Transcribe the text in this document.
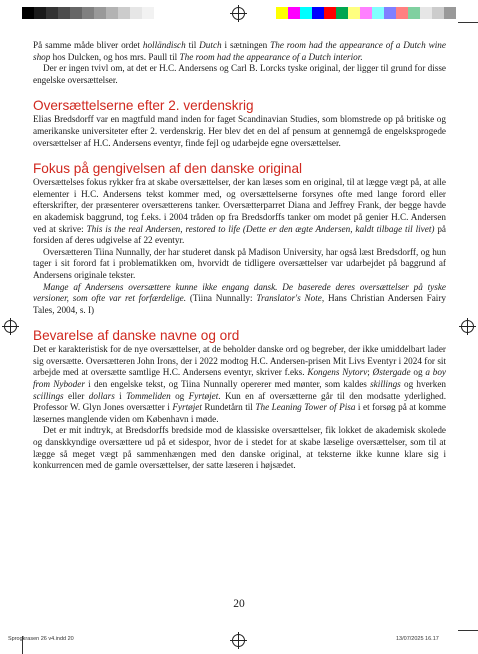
På samme måde bliver ordet holländisch til Dutch i sætningen The room had the appearance of a Dutch wine shop hos Dulcken, og hos mrs. Paull til The room had the appearance of a Dutch interior.

Der er ingen tvivl om, at det er H.C. Andersens og Carl B. Lorcks tyske original, der ligger til grund for disse engelske oversættelser.

Oversættelserne efter 2. verdenskrig

Elias Bredsdorff var en magtfuld mand inden for faget Scandinavian Studies, som blomstrede op på britiske og amerikanske universiteter efter 2. verdenskrig. Her blev det en del af pensum at gennemgå de engelsksprogede oversættelser af H.C. Andersens eventyr, finde fejl og udarbejde egne oversættelser.

Fokus på gengivelsen af den danske original

Oversættelses fokus rykker fra at skabe oversættelser, der kan læses som en original, til at lægge vægt på, at alle elementer i H.C. Andersens tekst kommer med, og oversættelserne forsynes ofte med lange forord eller efterskrifter, der præsenterer oversætterens tanker. Oversætterparret Diana and Jeffrey Frank, der begge havde en akademisk baggrund, tog f.eks. i 2004 tråden op fra Bredsdorffs tanker om modet på genier H.C. Andersen ved at skrive: This is the real Andersen, restored to life (Dette er den ægte Andersen, kaldt tilbage til livet) på forsiden af deres udgivelse af 22 eventyr.

Oversætteren Tiina Nunnally, der har studeret dansk på Madison University, har også læst Bredsdorff, og hun tager i sit forord fat i problematikken om, hvorvidt de tidligere oversættelser var udarbejdet på baggrund af Andersens originale tekster.

Mange af Andersens oversættere kunne ikke engang dansk. De baserede deres oversættelser på tyske versioner, som ofte var ret forfærdelige. (Tiina Nunnally: Translator's Note, Hans Christian Andersen Fairy Tales, 2004, s. I)

Bevarelse af danske navne og ord

Det er karakteristisk for de nye oversættelser, at de beholder danske ord og begreber, der ikke umiddelbart lader sig oversætte. Oversætteren John Irons, der i 2022 modtog H.C. Andersen-prisen Mit Livs Eventyr i 2024 for sit arbejde med at oversætte samtlige H.C. Andersens eventyr, skriver f.eks. Kongens Nytorv; Østergade og a boy from Nyboder i den engelske tekst, og Tiina Nunnally opererer med mønter, som kaldes skillings og hverken scillings eller dollars i Tommeliden og Fyrtøjet. Kun en af oversætterne går til den modsatte yderlighed. Professor W. Glyn Jones oversætter i Fyrtøjet Rundetårn til The Leaning Tower of Pisa i et forsøg på at komme læsernes manglende viden om København i møde.

Det er mit indtryk, at Bredsdorffs bredside mod de klassiske oversættelser, fik lokket de akademisk skolede og danskkyndige oversættere ud på et sidespor, hvor de i stedet for at skabe læselige oversættelser, som til at lægge så meget vægt på sammenhængen med den danske original, at teksterne ikke kunne klare sig i konkurrencen med de gamle oversættelser, der satte læseren i højsædet.

20
Sprogkrasen 26 v4.indd 20	13/07/2025 16.17
